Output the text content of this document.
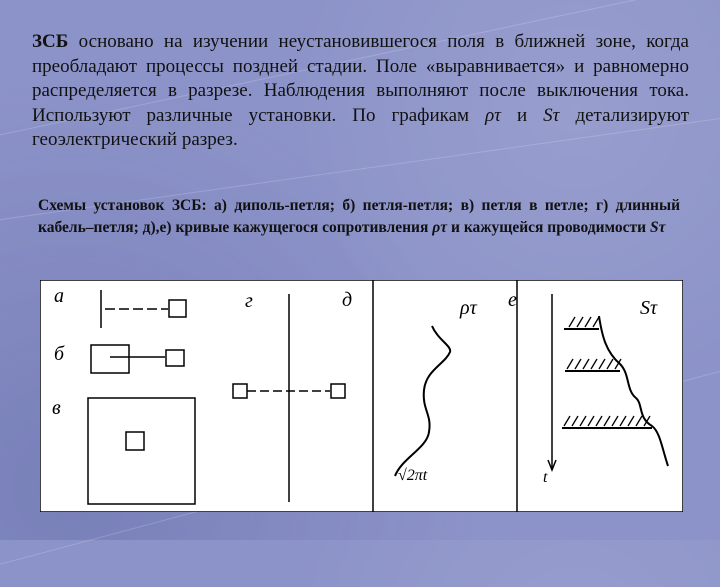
ЗСБ основано на изучении неустановившегося поля в ближней зоне, когда преобладают процессы поздней стадии. Поле «выравнивается» и равномерно распределяется в разрезе. Наблюдения выполняют после выключения тока. Используют различные установки. По графикам ρτ и Sτ детализируют геоэлектрический разрез.

Схемы установок ЗСБ: а) диполь-петля; б) петля-петля; в) петля в петле; г) длинный кабель–петля; д),е) кривые кажущегося сопротивления ρτ и кажущейся проводимости Sτ

а
б
в
г	д	е
ρτ	Sτ
√2πt	t
